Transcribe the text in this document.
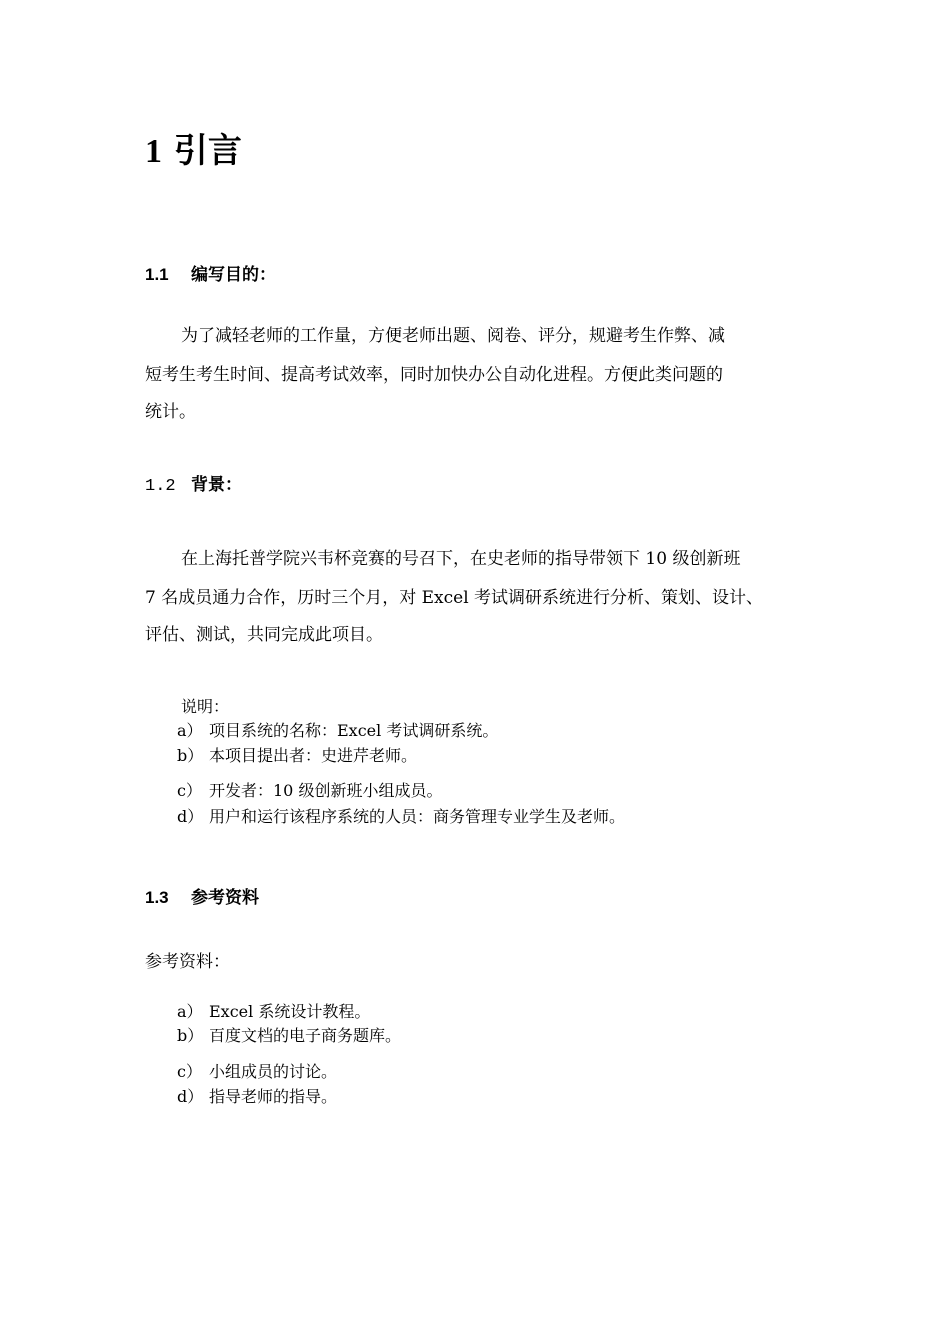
1 引言
1.1 编写目的：
为了减轻老师的工作量，方便老师出题、阅卷、评分，规避考生作弊、减
短考生考生时间、提高考试效率，同时加快办公自动化进程。方便此类问题的
统计。
1.2 背景：
在上海托普学院兴韦杯竞赛的号召下，在史老师的指导带领下 10 级创新班
7 名成员通力合作，历时三个月，对 Excel 考试调研系统进行分析、策划、设计、
评估、测试，共同完成此项目。
说明：
a） 项目系统的名称：Excel 考试调研系统。
b） 本项目提出者：史进芹老师。
c） 开发者：10 级创新班小组成员。
d） 用户和运行该程序系统的人员：商务管理专业学生及老师。
1.3 参考资料
参考资料：
a） Excel 系统设计教程。
b） 百度文档的电子商务题库。
c） 小组成员的讨论。
d） 指导老师的指导。
